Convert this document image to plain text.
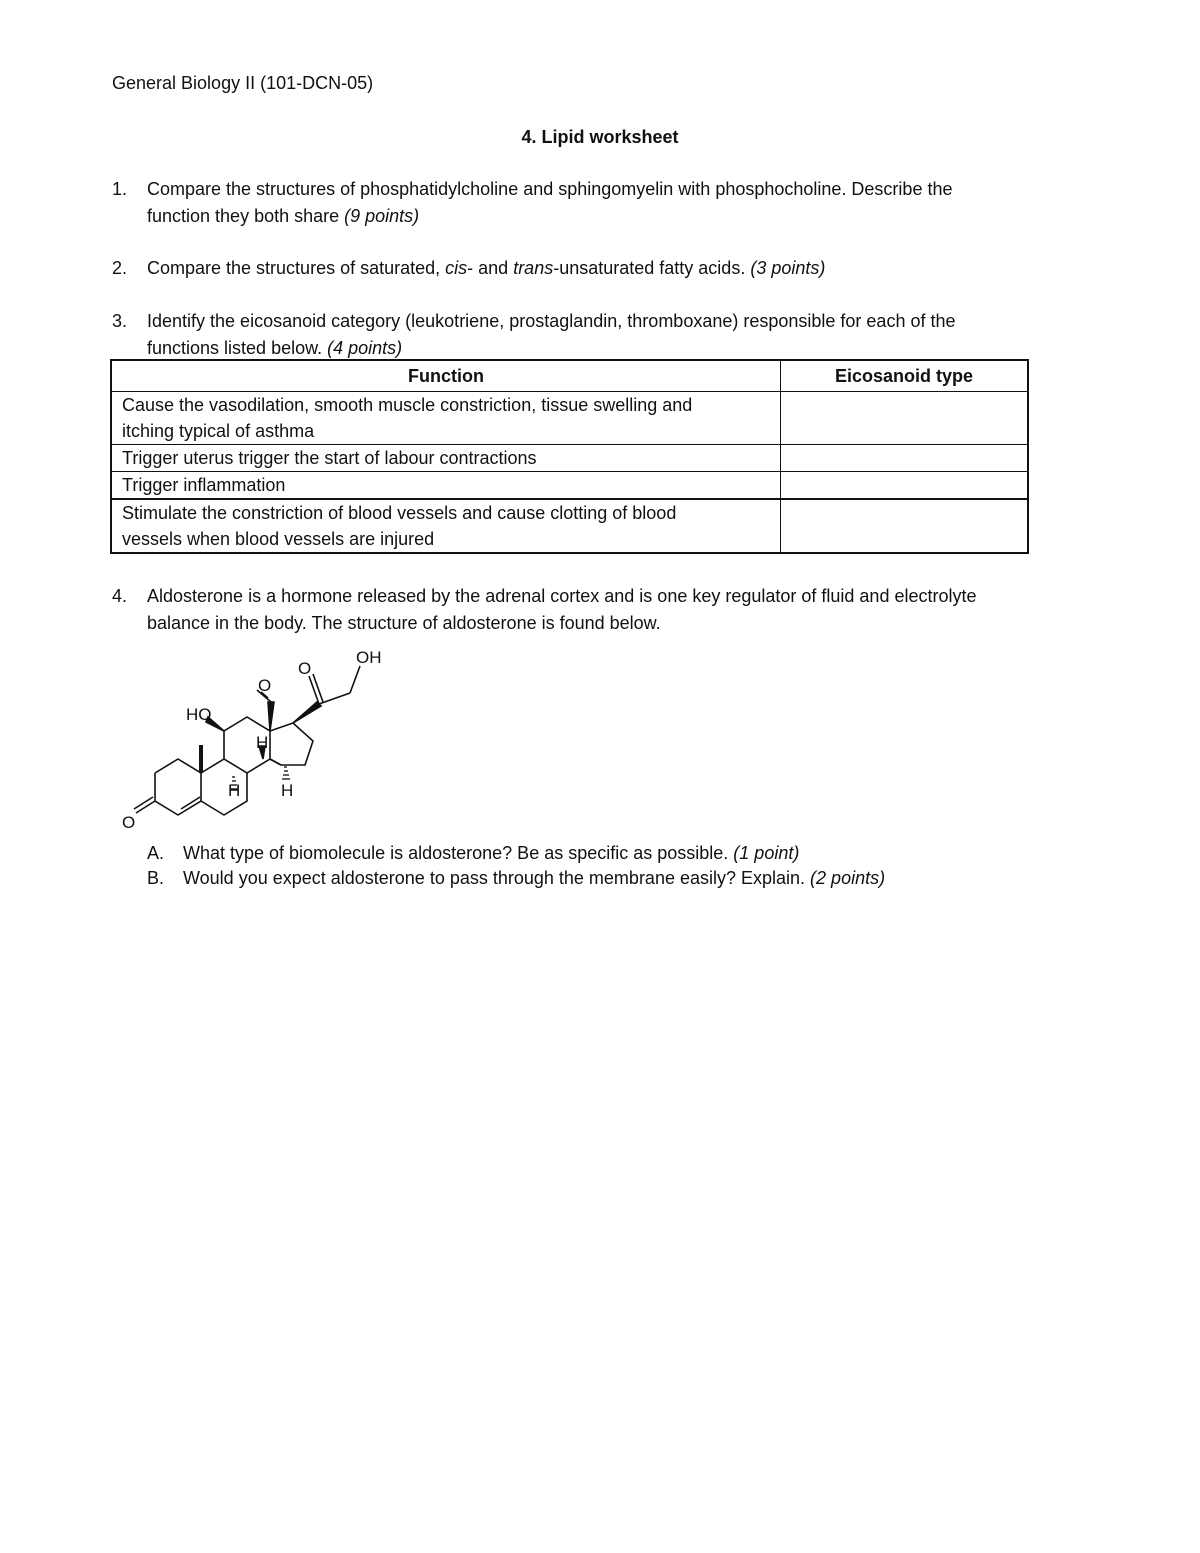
General Biology II (101-DCN-05)
4. Lipid worksheet
1. Compare the structures of phosphatidylcholine and sphingomyelin with phosphocholine. Describe the
function they both share (9 points)
2. Compare the structures of saturated, cis- and trans-unsaturated fatty acids. (3 points)
3. Identify the eicosanoid category (leukotriene, prostaglandin, thromboxane) responsible for each of the
functions listed below. (4 points)
Function	Eicosanoid type

Cause the vasodilation, smooth muscle constriction, tissue swelling and
itching typical of asthma	

Trigger uterus trigger the start of labour contractions	

Trigger inflammation	

Stimulate the constriction of blood vessels and cause clotting of blood
vessels when blood vessels are injured	

4. Aldosterone is a hormone released by the adrenal cortex and is one key regulator of fluid and electrolyte
balance in the body. The structure of aldosterone is found below.
OH
HO
O
O
O
H
H H
A. What type of biomolecule is aldosterone? Be as specific as possible. (1 point)
B. Would you expect aldosterone to pass through the membrane easily? Explain. (2 points)
